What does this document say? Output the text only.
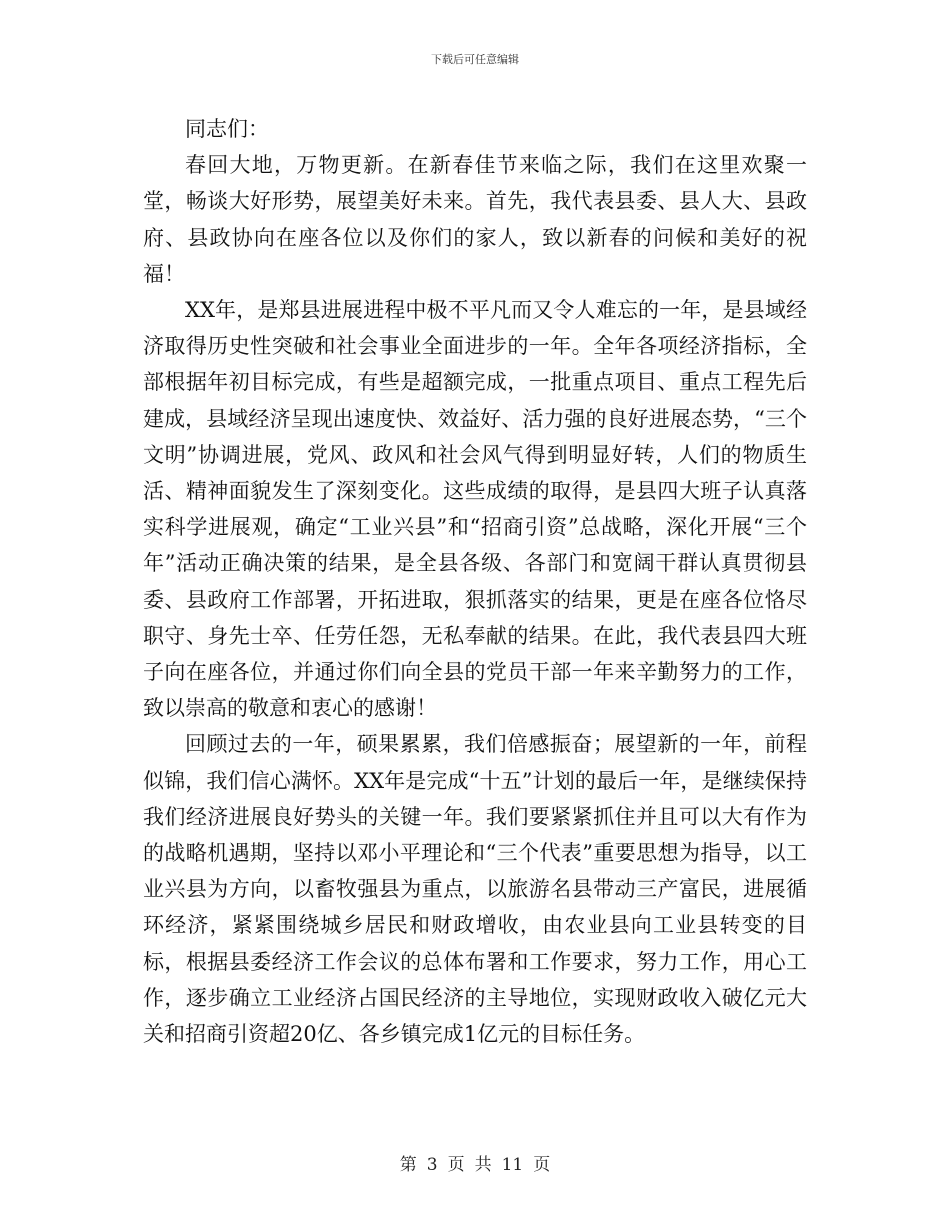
下载后可任意编辑

同志们：

春回大地，万物更新。在新春佳节来临之际，我们在这里欢聚一堂，畅谈大好形势，展望美好未来。首先，我代表县委、县人大、县政府、县政协向在座各位以及你们的家人，致以新春的问候和美好的祝福！

XX年，是郑县进展进程中极不平凡而又令人难忘的一年，是县域经济取得历史性突破和社会事业全面进步的一年。全年各项经济指标，全部根据年初目标完成，有些是超额完成，一批重点项目、重点工程先后建成，县域经济呈现出速度快、效益好、活力强的良好进展态势，“三个文明”协调进展，党风、政风和社会风气得到明显好转，人们的物质生活、精神面貌发生了深刻变化。这些成绩的取得，是县四大班子认真落实科学进展观，确定“工业兴县”和“招商引资”总战略，深化开展“三个年”活动正确决策的结果，是全县各级、各部门和宽阔干群认真贯彻县委、县政府工作部署，开拓进取，狠抓落实的结果，更是在座各位恪尽职守、身先士卒、任劳任怨，无私奉献的结果。在此，我代表县四大班子向在座各位，并通过你们向全县的党员干部一年来辛勤努力的工作，致以崇高的敬意和衷心的感谢！

回顾过去的一年，硕果累累，我们倍感振奋；展望新的一年，前程似锦，我们信心满怀。XX年是完成“十五”计划的最后一年，是继续保持我们经济进展良好势头的关键一年。我们要紧紧抓住并且可以大有作为的战略机遇期，坚持以邓小平理论和“三个代表”重要思想为指导，以工业兴县为方向，以畜牧强县为重点，以旅游名县带动三产富民，进展循环经济，紧紧围绕城乡居民和财政增收，由农业县向工业县转变的目标，根据县委经济工作会议的总体布署和工作要求，努力工作，用心工作，逐步确立工业经济占国民经济的主导地位，实现财政收入破亿元大关和招商引资超20亿、各乡镇完成1亿元的目标任务。

第 3 页 共 11 页
